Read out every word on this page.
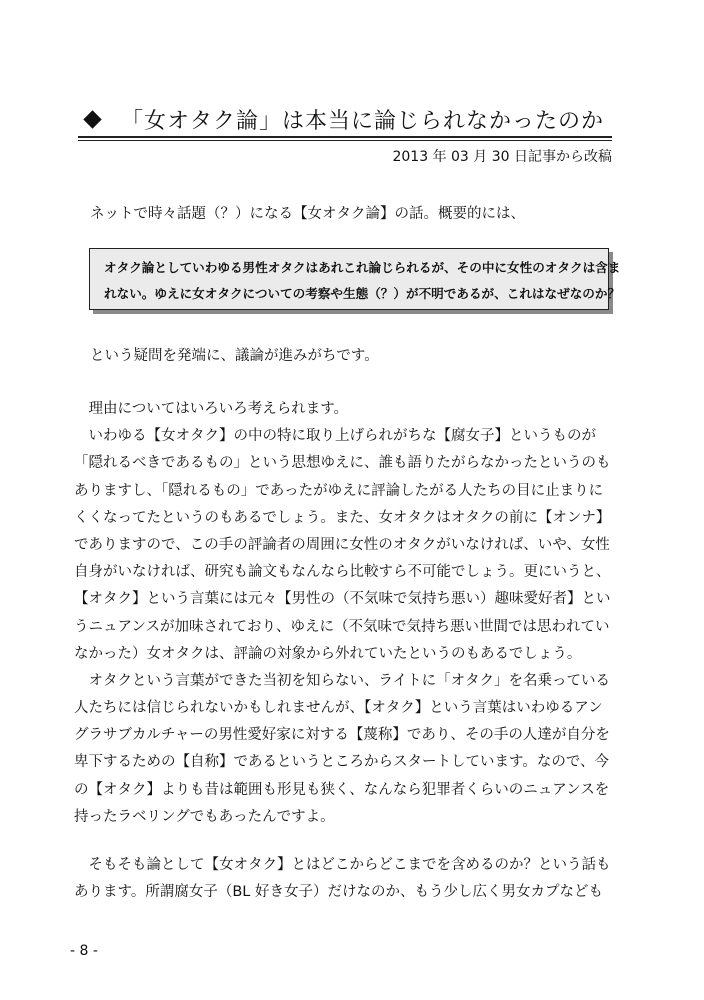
「女オタク論」は本当に論じられなかったのか
2013 年 03 月 30 日記事から改稿
ネットで時々話題（？）になる【女オタク論】の話。概要的には、
オタク論としていわゆる男性オタクはあれこれ論じられるが、その中に女性のオタクは含ま
れない。ゆえに女オタクについての考察や生態（？）が不明であるが、これはなぜなのか？
という疑問を発端に、議論が進みがちです。
　理由についてはいろいろ考えられます。
　いわゆる【女オタク】の中の特に取り上げられがちな【腐女子】というものが
「隠れるべきであるもの」という思想ゆえに、誰も語りたがらなかったというのも
ありますし、「隠れるもの」であったがゆえに評論したがる人たちの目に止まりに
くくなってたというのもあるでしょう。また、女オタクはオタクの前に【オンナ】
でありますので、この手の評論者の周囲に女性のオタクがいなければ、いや、女性
自身がいなければ、研究も論文もなんなら比較すら不可能でしょう。更にいうと、
【オタク】という言葉には元々【男性の（不気味で気持ち悪い）趣味愛好者】とい
うニュアンスが加味されており、ゆえに（不気味で気持ち悪い世間では思われてい
なかった）女オタクは、評論の対象から外れていたというのもあるでしょう。
　オタクという言葉ができた当初を知らない、ライトに「オタク」を名乗っている
人たちには信じられないかもしれませんが、【オタク】という言葉はいわゆるアン
グラサブカルチャーの男性愛好家に対する【蔑称】であり、その手の人達が自分を
卑下するための【自称】であるというところからスタートしています。なので、今
の【オタク】よりも昔は範囲も形見も狭く、なんなら犯罪者くらいのニュアンスを
持ったラベリングでもあったんですよ。
　そもそも論として【女オタク】とはどこからどこまでを含めるのか？という話も
あります。所謂腐女子（BL 好き女子）だけなのか、もう少し広く男女カプなども
- 8 -
